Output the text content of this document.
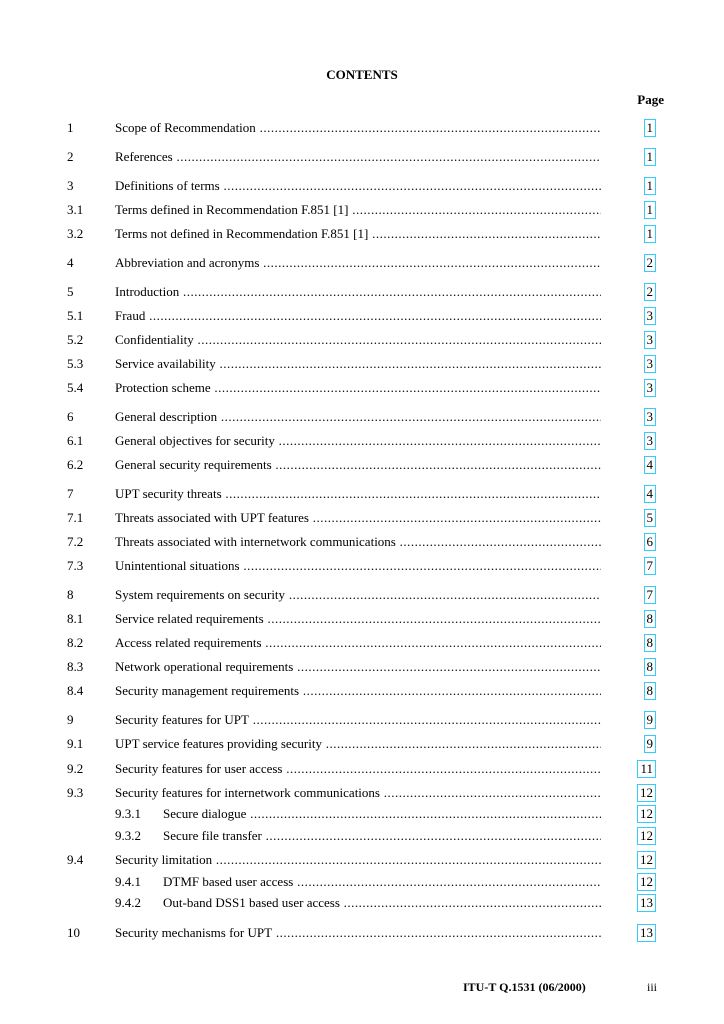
CONTENTS
Page
1	Scope of Recommendation .....	1
2	References .....	1
3	Definitions of terms .....	1
3.1 Terms defined in Recommendation F.851 [1] .....	1
3.2 Terms not defined in Recommendation F.851 [1] .....	1
4	Abbreviation and acronyms .....	2
5	Introduction .....	2
5.1 Fraud .....	3
5.2 Confidentiality .....	3
5.3 Service availability .....	3
5.4 Protection scheme .....	3
6	General description .....	3
6.1 General objectives for security .....	3
6.2 General security requirements .....	4
7	UPT security threats .....	4
7.1 Threats associated with UPT features .....	5
7.2 Threats associated with internetwork communications .....	6
7.3 Unintentional situations .....	7
8	System requirements on security .....	7
8.1 Service related requirements .....	8
8.2 Access related requirements .....	8
8.3 Network operational requirements .....	8
8.4 Security management requirements .....	8
9	Security features for UPT .....	9
9.1 UPT service features providing security .....	9
9.2 Security features for user access .....	11
9.3 Security features for internetwork communications .....	12
9.3.1 Secure dialogue .....	12
9.3.2 Secure file transfer .....	12
9.4 Security limitation .....	12
9.4.1 DTMF based user access .....	12
9.4.2 Out-band DSS1 based user access .....	13
10	Security mechanisms for UPT .....	13
ITU-T Q.1531 (06/2000)	iii
